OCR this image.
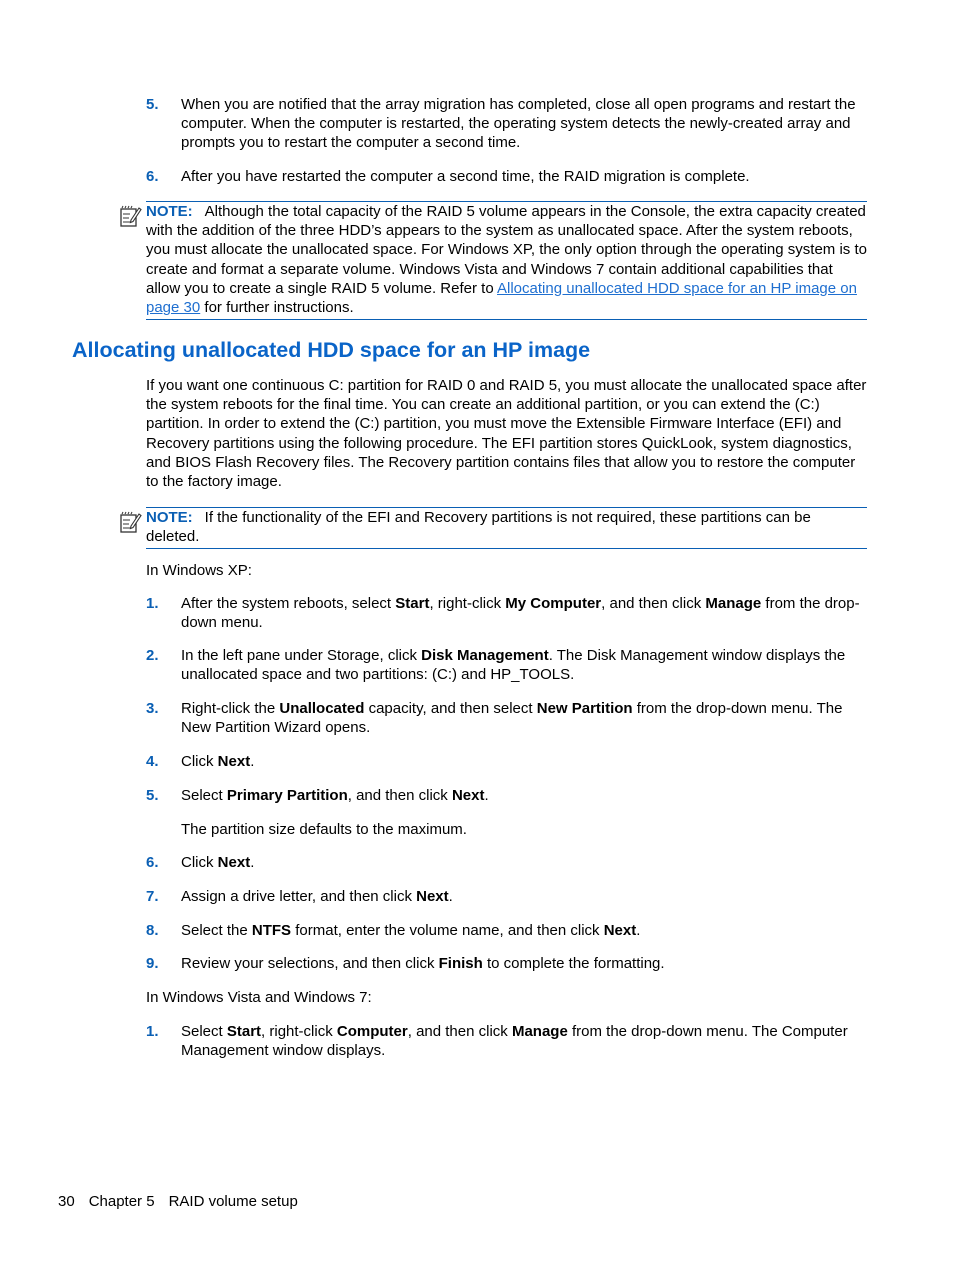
5. When you are notified that the array migration has completed, close all open programs and restart the computer. When the computer is restarted, the operating system detects the newly-created array and prompts you to restart the computer a second time.
6. After you have restarted the computer a second time, the RAID migration is complete.
NOTE: Although the total capacity of the RAID 5 volume appears in the Console, the extra capacity created with the addition of the three HDD’s appears to the system as unallocated space. After the system reboots, you must allocate the unallocated space. For Windows XP, the only option through the operating system is to create and format a separate volume. Windows Vista and Windows 7 contain additional capabilities that allow you to create a single RAID 5 volume. Refer to Allocating unallocated HDD space for an HP image on page 30 for further instructions.
Allocating unallocated HDD space for an HP image
If you want one continuous C: partition for RAID 0 and RAID 5, you must allocate the unallocated space after the system reboots for the final time. You can create an additional partition, or you can extend the (C:) partition. In order to extend the (C:) partition, you must move the Extensible Firmware Interface (EFI) and Recovery partitions using the following procedure. The EFI partition stores QuickLook, system diagnostics, and BIOS Flash Recovery files. The Recovery partition contains files that allow you to restore the computer to the factory image.
NOTE: If the functionality of the EFI and Recovery partitions is not required, these partitions can be deleted.
In Windows XP:
1. After the system reboots, select Start, right-click My Computer, and then click Manage from the drop-down menu.
2. In the left pane under Storage, click Disk Management. The Disk Management window displays the unallocated space and two partitions: (C:) and HP_TOOLS.
3. Right-click the Unallocated capacity, and then select New Partition from the drop-down menu. The New Partition Wizard opens.
4. Click Next.
5. Select Primary Partition, and then click Next.
The partition size defaults to the maximum.
6. Click Next.
7. Assign a drive letter, and then click Next.
8. Select the NTFS format, enter the volume name, and then click Next.
9. Review your selections, and then click Finish to complete the formatting.
In Windows Vista and Windows 7:
1. Select Start, right-click Computer, and then click Manage from the drop-down menu. The Computer Management window displays.
30 Chapter 5 RAID volume setup
